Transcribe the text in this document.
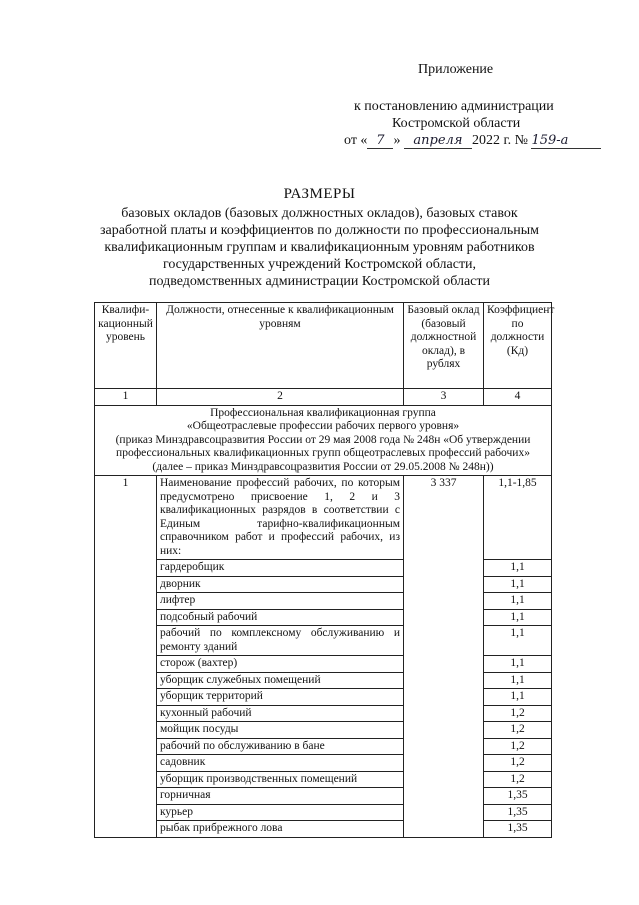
Приложение
к постановлению администрации
Костромской области
от « 7 » апреля 2022 г. № 159-а
РАЗМЕРЫ
базовых окладов (базовых должностных окладов), базовых ставок
заработной платы и коэффициентов по должности по профессиональным
квалификационным группам и квалификационным уровням работников
государственных учреждений Костромской области,
подведомственных администрации Костромской области
Квалифи-кационный уровень	Должности, отнесенные к квалификационным уровням	Базовый оклад (базовый должностной оклад), в рублях	Коэффициент по должности (Кд)
1	2	3	4

Профессиональная квалификационная группа
«Общеотраслевые профессии рабочих первого уровня»
(приказ Минздравсоцразвития России от 29 мая 2008 года № 248н «Об утверждении
профессиональных квалификационных групп общеотраслевых профессий рабочих»
(далее – приказ Минздравсоцразвития России от 29.05.2008 № 248н))			

1	Наименование профессий рабочих, по которым предусмотрено присвоение 1, 2 и 3 квалификационных разрядов в соответствии с Единым тарифно-квалификационным справочником работ и профессий рабочих, из них:	3 337	1,1-1,85
	гардеробщик		1,1
	дворник		1,1
	лифтер		1,1
	подсобный рабочий		1,1
	рабочий по комплексному обслуживанию и ремонту зданий		1,1
	сторож (вахтер)		1,1
	уборщик служебных помещений		1,1
	уборщик территорий		1,1
	кухонный рабочий		1,2
	мойщик посуды		1,2
	рабочий по обслуживанию в бане		1,2
	садовник		1,2
	уборщик производственных помещений		1,2
	горничная		1,35
	курьер		1,35
	рыбак прибрежного лова		1,35
